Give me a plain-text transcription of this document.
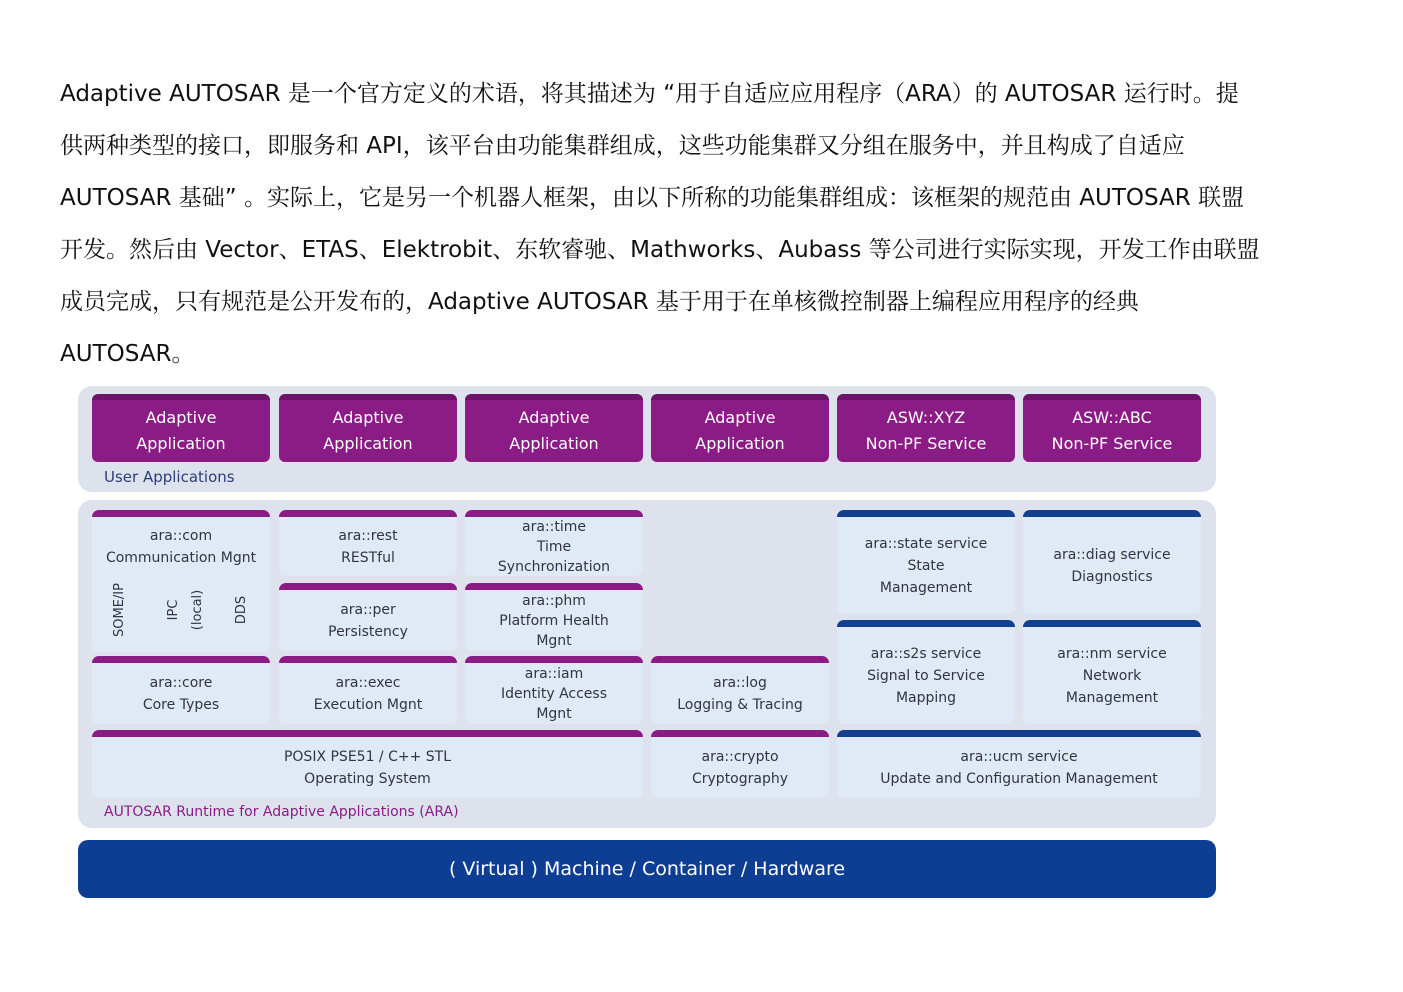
Adaptive AUTOSAR 是一个官方定义的术语，将其描述为 “用于自适应应用程序（ARA）的 AUTOSAR 运行时。提
供两种类型的接口，即服务和 API，该平台由功能集群组成，这些功能集群又分组在服务中，并且构成了自适应
AUTOSAR 基础” 。实际上，它是另一个机器人框架，由以下所称的功能集群组成：该框架的规范由 AUTOSAR 联盟
开发。然后由 Vector、ETAS、Elektrobit、东软睿驰、Mathworks、Aubass 等公司进行实际实现，开发工作由联盟
成员完成，只有规范是公开发布的，Adaptive AUTOSAR 基于用于在单核微控制器上编程应用程序的经典
AUTOSAR。

Adaptive
Application
Adaptive
Application
Adaptive
Application
Adaptive
Application
ASW::XYZ
Non-PF Service
ASW::ABC
Non-PF Service
User Applications
ara::com
Communication Mgnt
SOME/IP	IPC (local) DDS
ara::rest
RESTful
ara::per
Persistency
ara::time
Time
Synchronization
ara::phm
Platform Health
Mgnt
ara::state service
State
Management
ara::diag service
Diagnostics
ara::core
Core Types
ara::exec
Execution Mgnt
ara::iam
Identity Access
Mgnt
ara::log
Logging & Tracing
ara::s2s service
Signal to Service
Mapping
ara::nm service
Network
Management
POSIX PSE51 / C++ STL
Operating System
ara::crypto
Cryptography
ara::ucm service
Update and Configuration Management
AUTOSAR Runtime for Adaptive Applications (ARA)
( Virtual ) Machine / Container / Hardware
